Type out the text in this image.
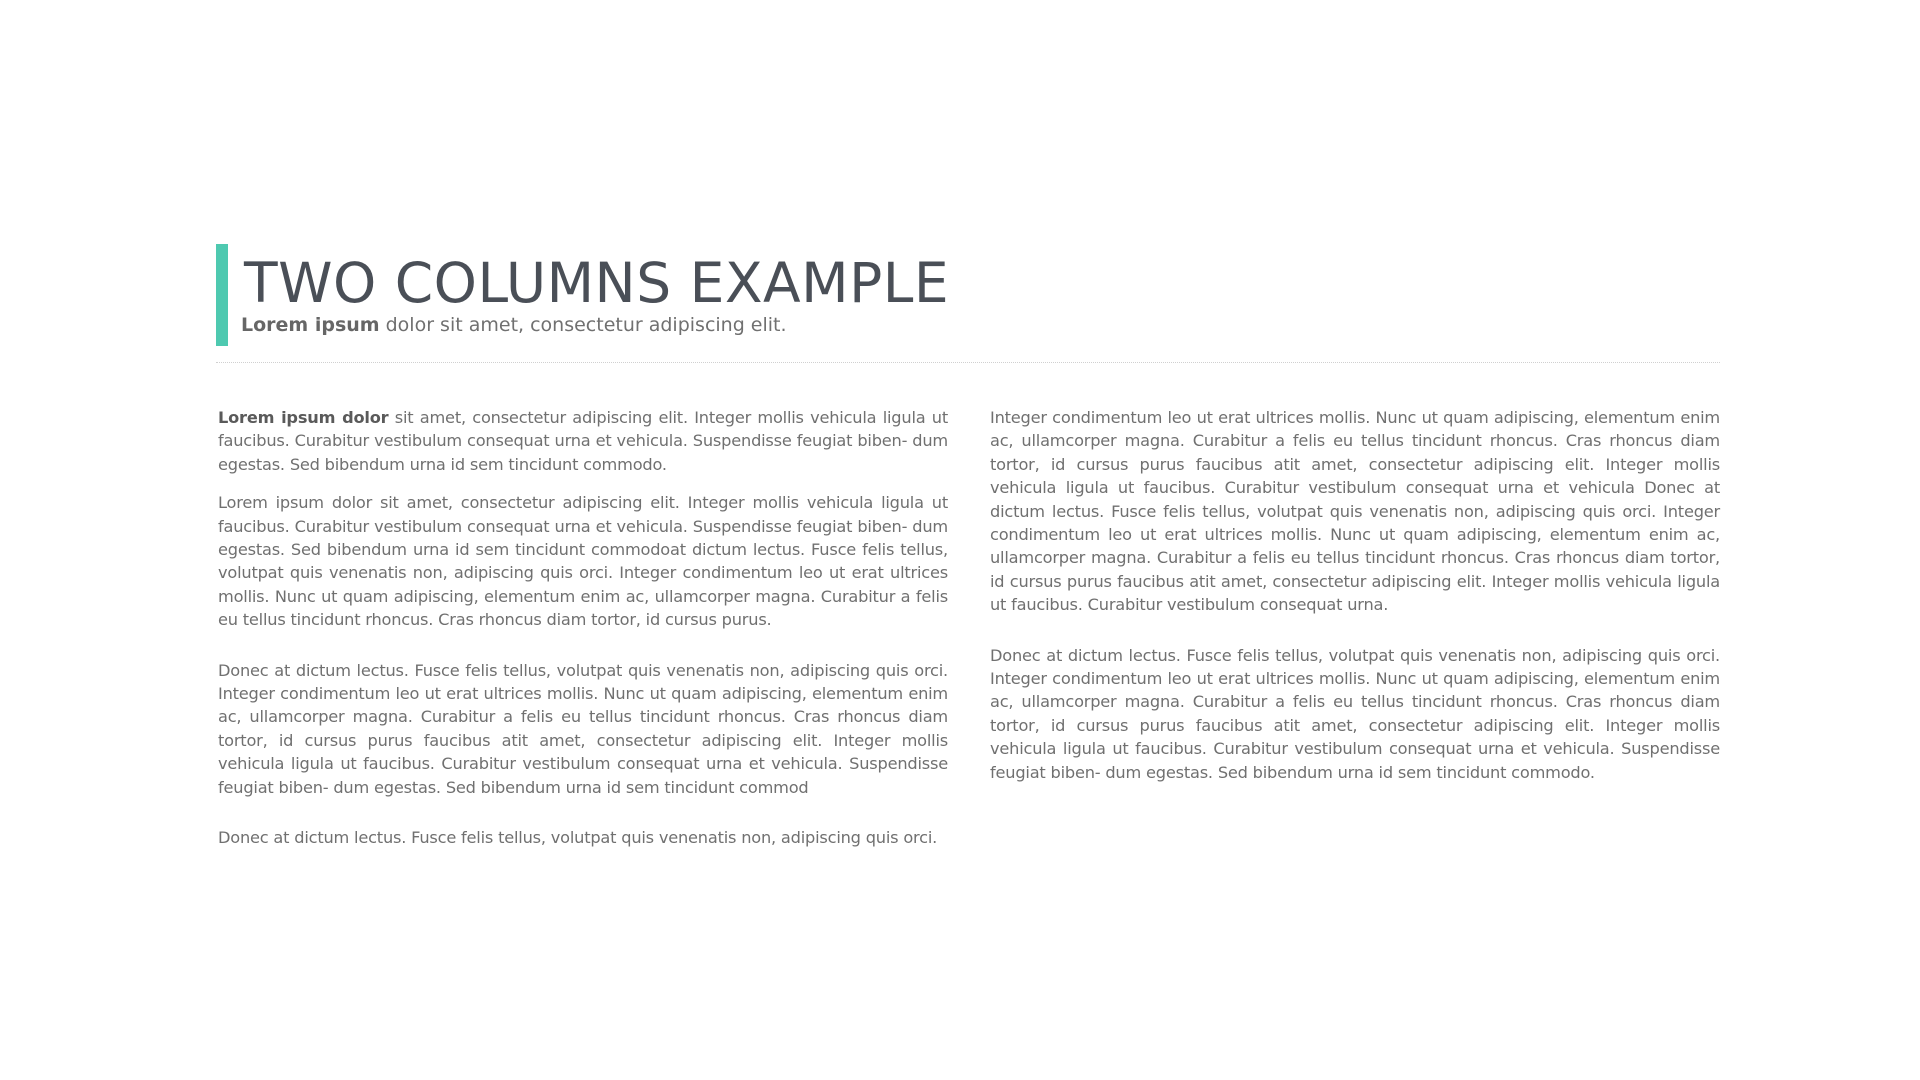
TWO COLUMNS EXAMPLE

Lorem ipsum dolor sit amet, consectetur adipiscing elit.

Lorem ipsum dolor sit amet, consectetur adipiscing elit. Integer mollis vehicula ligula ut faucibus. Curabitur vestibulum consequat urna et vehicula. Suspendisse feugiat biben- dum egestas. Sed bibendum urna id sem tincidunt commodo.

Lorem ipsum dolor sit amet, consectetur adipiscing elit. Integer mollis vehicula ligula ut faucibus. Curabitur vestibulum consequat urna et vehicula. Suspendisse feugiat biben- dum egestas. Sed bibendum urna id sem tincidunt commodoat dictum lectus. Fusce felis tellus, volutpat quis venenatis non, adipiscing quis orci. Integer condimentum leo ut erat ultrices mollis. Nunc ut quam adipiscing, elementum enim ac, ullamcorper magna. Curabitur a felis eu tellus tincidunt rhoncus. Cras rhoncus diam tortor, id cursus purus.

Donec at dictum lectus. Fusce felis tellus, volutpat quis venenatis non, adipiscing quis orci. Integer condimentum leo ut erat ultrices mollis. Nunc ut quam adipiscing, elementum enim ac, ullamcorper magna. Curabitur a felis eu tellus tincidunt rhoncus. Cras rhoncus diam tortor, id cursus purus faucibus atit amet, consectetur adipiscing elit. Integer mollis vehicula ligula ut faucibus. Curabitur vestibulum consequat urna et vehicula. Suspendisse feugiat biben- dum egestas. Sed bibendum urna id sem tincidunt commod

Donec at dictum lectus. Fusce felis tellus, volutpat quis venenatis non, adipiscing quis orci.

Integer condimentum leo ut erat ultrices mollis. Nunc ut quam adipiscing, elementum enim ac, ullamcorper magna. Curabitur a felis eu tellus tincidunt rhoncus. Cras rhoncus diam tortor, id cursus purus faucibus atit amet, consectetur adipiscing elit. Integer mollis vehicula ligula ut faucibus. Curabitur vestibulum consequat urna et vehicula Donec at dictum lectus. Fusce felis tellus, volutpat quis venenatis non, adipiscing quis orci. Integer condimentum leo ut erat ultrices mollis. Nunc ut quam adipiscing, elementum enim ac, ullamcorper magna. Curabitur a felis eu tellus tincidunt rhoncus. Cras rhoncus diam tortor, id cursus purus faucibus atit amet, consectetur adipiscing elit. Integer mollis vehicula ligula ut faucibus. Curabitur vestibulum consequat urna.

Donec at dictum lectus. Fusce felis tellus, volutpat quis venenatis non, adipiscing quis orci. Integer condimentum leo ut erat ultrices mollis. Nunc ut quam adipiscing, elementum enim ac, ullamcorper magna. Curabitur a felis eu tellus tincidunt rhoncus. Cras rhoncus diam tortor, id cursus purus faucibus atit amet, consectetur adipiscing elit. Integer mollis vehicula ligula ut faucibus. Curabitur vestibulum consequat urna et vehicula. Suspendisse feugiat biben- dum egestas. Sed bibendum urna id sem tincidunt commodo.
